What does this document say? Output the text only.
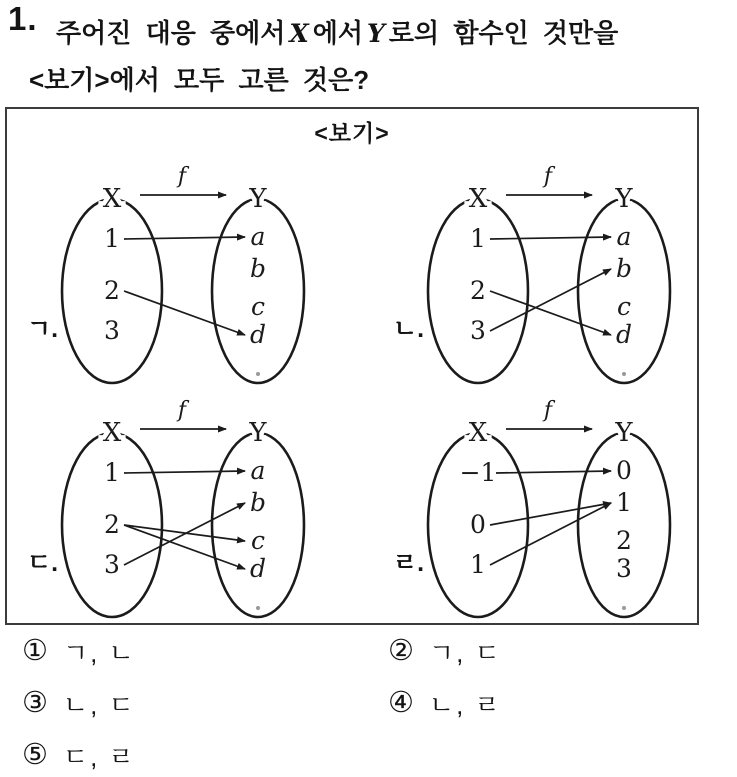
1. 주어진 대응 중에서 X 에서 Y 로의 함수인 것만을
<보기>에서 모두 고른 것은?
<보기>
ㄱ.
f
X	Y
1
2
3
a
b
c
d	ㄴ.
f
X	Y
1
2
3
a
b
c
d
ㄷ.
f
X	Y
1
2
3
a
b
c
d	ㄹ.
f
X	Y
−1
0
1
0
1
2
3
① ㄱ, ㄴ	② ㄱ, ㄷ
③ ㄴ, ㄷ	④ ㄴ, ㄹ
⑤ ㄷ, ㄹ
